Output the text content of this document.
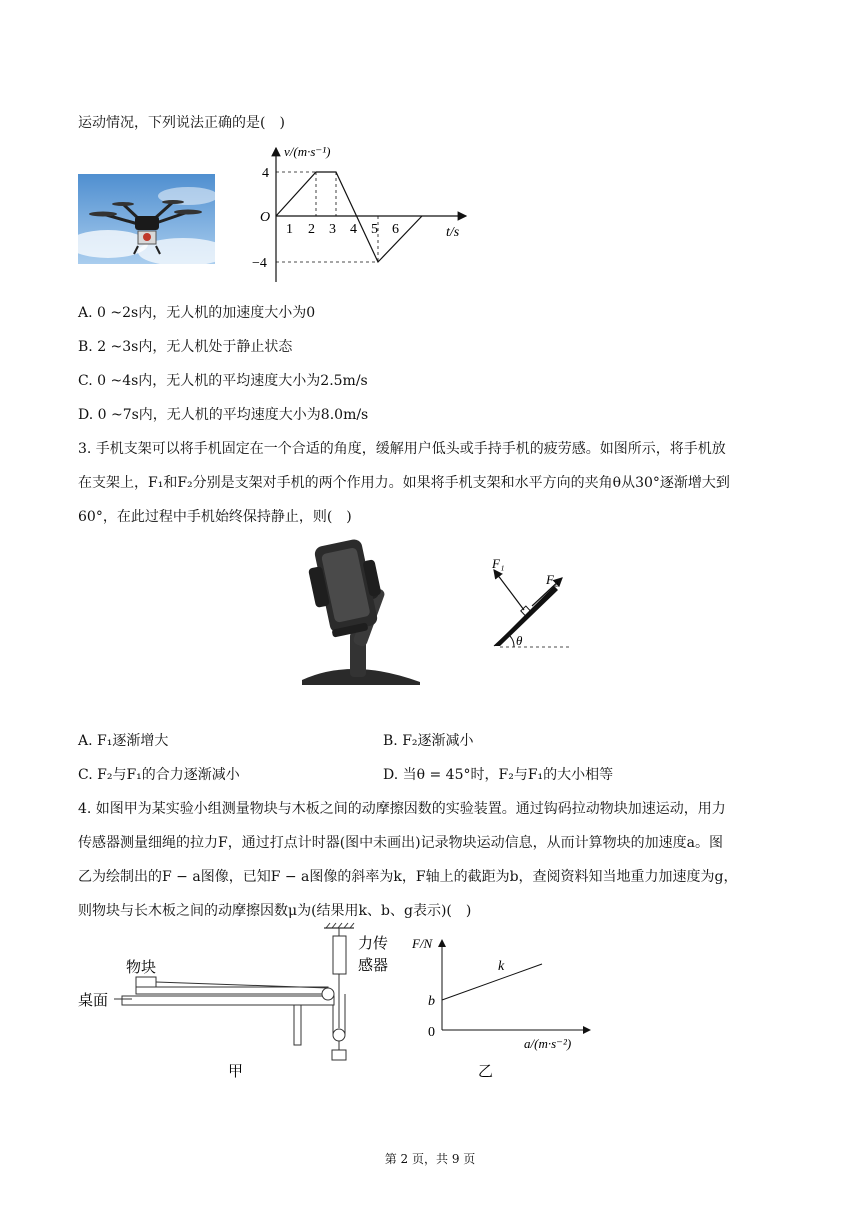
运动情况，下列说法正确的是(　)
v/(m·s⁻¹)
t/s
O
4
−4
1 2 3 4 5 6
A. 0 ~2s内，无人机的加速度大小为0
B. 2 ~3s内，无人机处于静止状态
C. 0 ~4s内，无人机的平均速度大小为2.5m/s
D. 0 ~7s内，无人机的平均速度大小为8.0m/s
3. 手机支架可以将手机固定在一个合适的角度，缓解用户低头或手持手机的疲劳感。如图所示，将手机放
在支架上，F₁和F₂分别是支架对手机的两个作用力。如果将手机支架和水平方向的夹角θ从30°逐渐增大到
60°，在此过程中手机始终保持静止，则(　)
F₁
F₂
θ
A. F₁逐渐增大	B. F₂逐渐减小
C. F₂与F₁的合力逐渐减小	D. 当θ = 45°时，F₂与F₁的大小相等
4. 如图甲为某实验小组测量物块与木板之间的动摩擦因数的实验装置。通过钩码拉动物块加速运动，用力
传感器测量细绳的拉力F，通过打点计时器(图中未画出)记录物块运动信息，从而计算物块的加速度a。图
乙为绘制出的F − a图像，已知F − a图像的斜率为k，F轴上的截距为b，查阅资料知当地重力加速度为g，
则物块与长木板之间的动摩擦因数μ为(结果用k、b、g表示)(　)
物块
桌面
力传
感器
甲
F/N
a/(m·s⁻²)
k
b
0
乙
第 2 页，共 9 页
